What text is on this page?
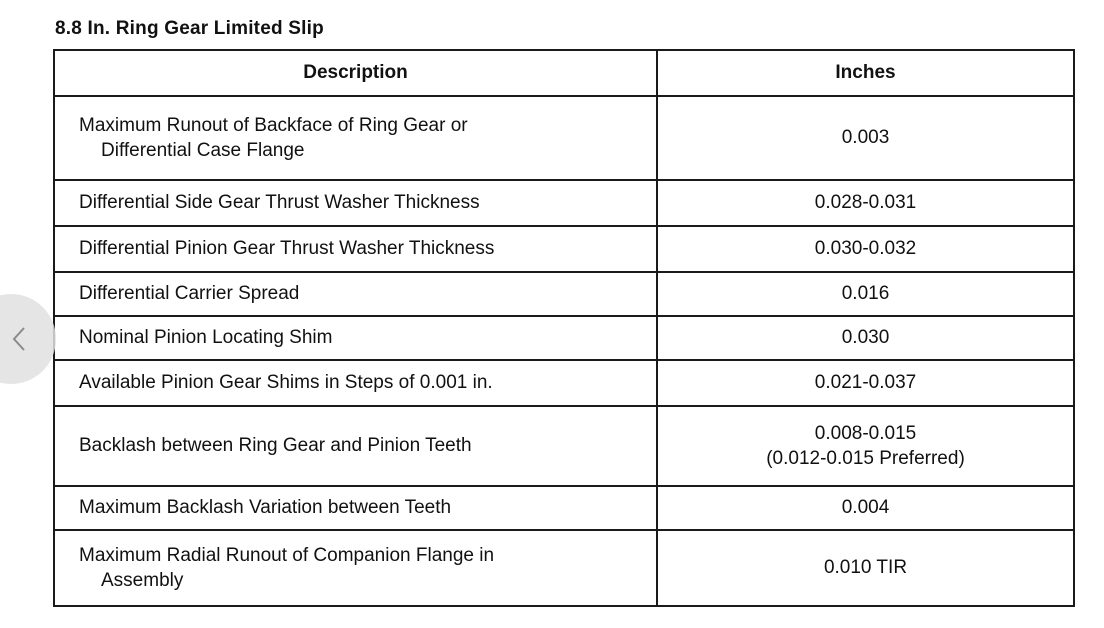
8.8 In. Ring Gear Limited Slip
Description	Inches

Maximum Runout of Backface of Ring Gear or
Differential Case Flange	0.003
Differential Side Gear Thrust Washer Thickness	0.028-0.031
Differential Pinion Gear Thrust Washer Thickness	0.030-0.032
Differential Carrier Spread	0.016
Nominal Pinion Locating Shim	0.030
Available Pinion Gear Shims in Steps of 0.001 in.	0.021-0.037
Backlash between Ring Gear and Pinion Teeth	0.008-0.015
(0.012-0.015 Preferred)

Maximum Backlash Variation between Teeth	0.004

Maximum Radial Runout of Companion Flange in
Assembly	0.010 TIR
